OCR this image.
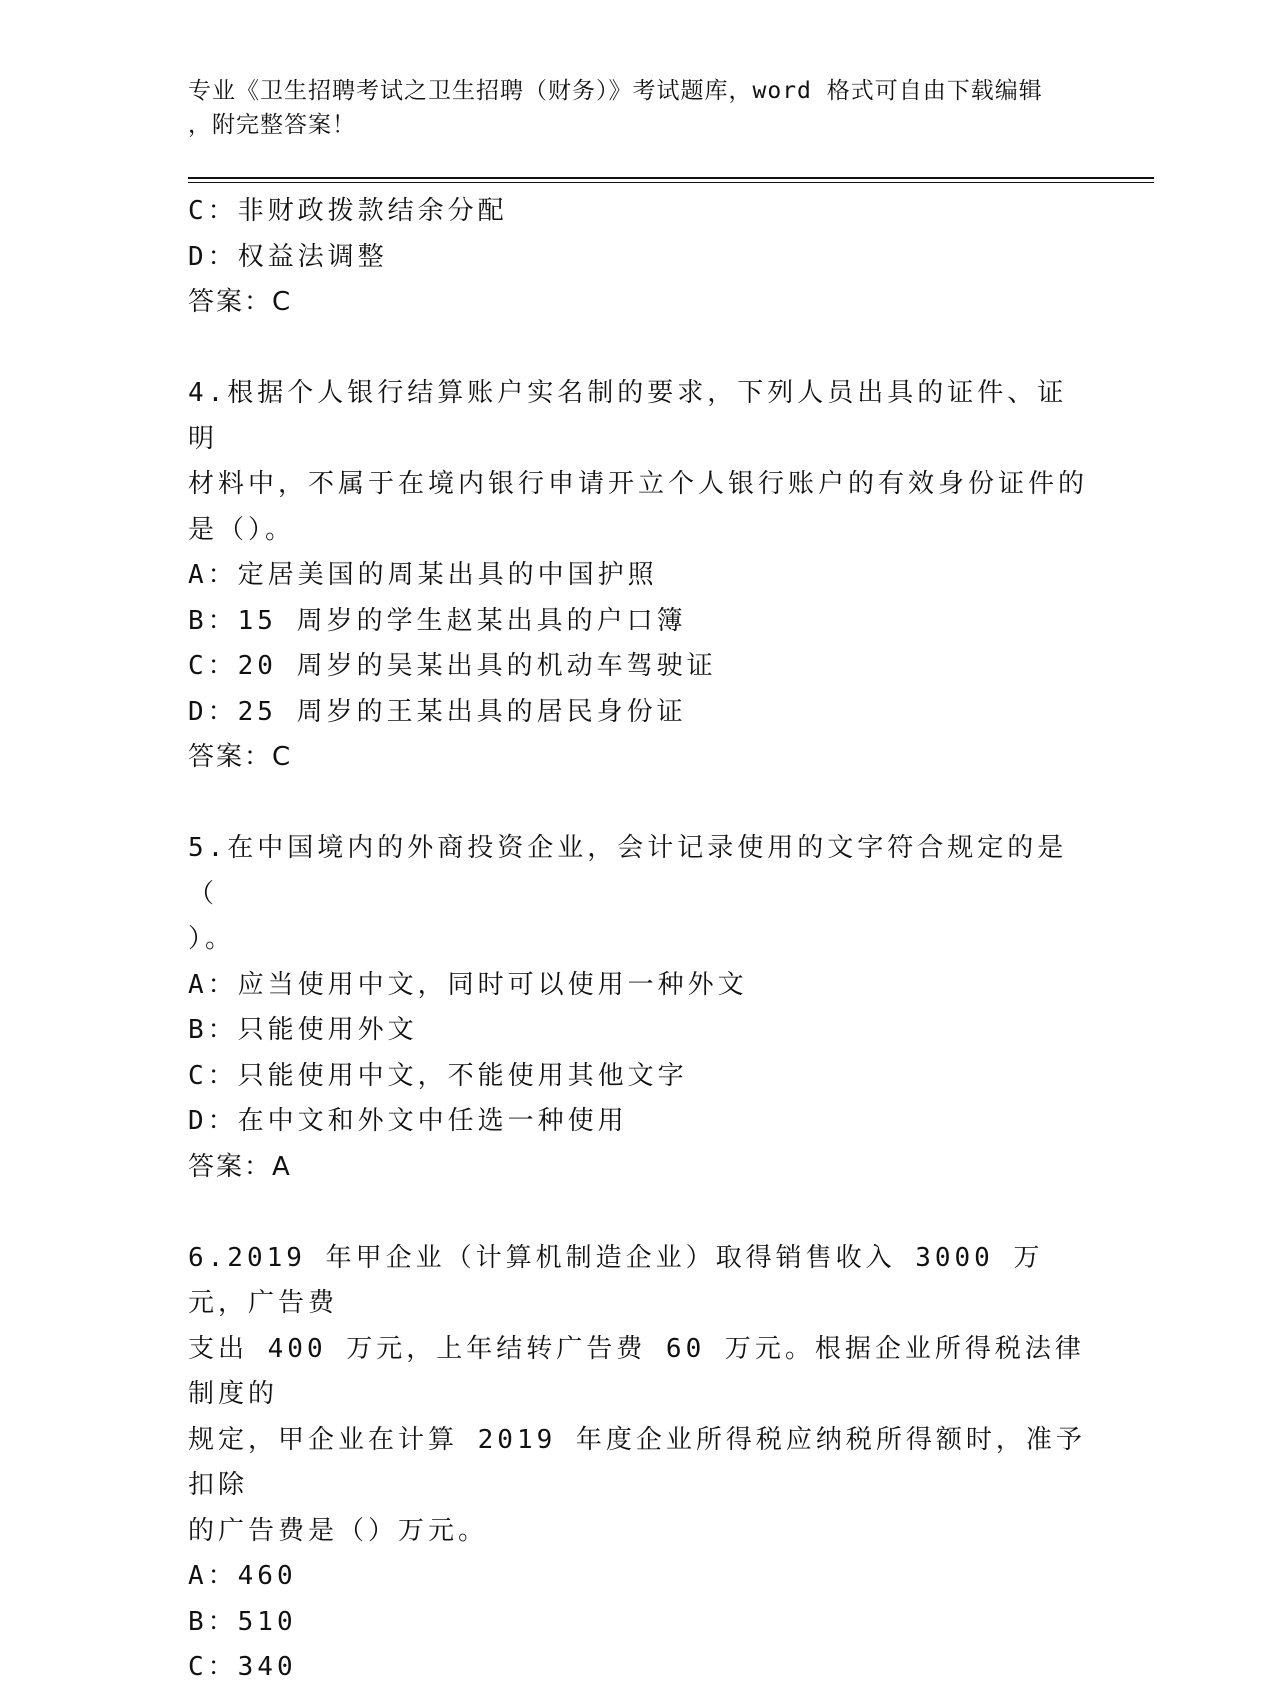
专业《卫生招聘考试之卫生招聘（财务）》考试题库，word 格式可自由下载编辑
，附完整答案！
C：非财政拨款结余分配
D：权益法调整
答案：C
4.根据个人银行结算账户实名制的要求，下列人员出具的证件、证明
材料中，不属于在境内银行申请开立个人银行账户的有效身份证件的
是（）。
A：定居美国的周某出具的中国护照
B：15 周岁的学生赵某出具的户口簿
C：20 周岁的吴某出具的机动车驾驶证
D：25 周岁的王某出具的居民身份证
答案：C
5.在中国境内的外商投资企业，会计记录使用的文字符合规定的是（
）。
A：应当使用中文，同时可以使用一种外文
B：只能使用外文
C：只能使用中文，不能使用其他文字
D：在中文和外文中任选一种使用
答案：A
6.2019 年甲企业（计算机制造企业）取得销售收入 3000 万元，广告费
支出 400 万元，上年结转广告费 60 万元。根据企业所得税法律制度的
规定，甲企业在计算 2019 年度企业所得税应纳税所得额时，准予扣除
的广告费是（）万元。
A：460
B：510
C：340
